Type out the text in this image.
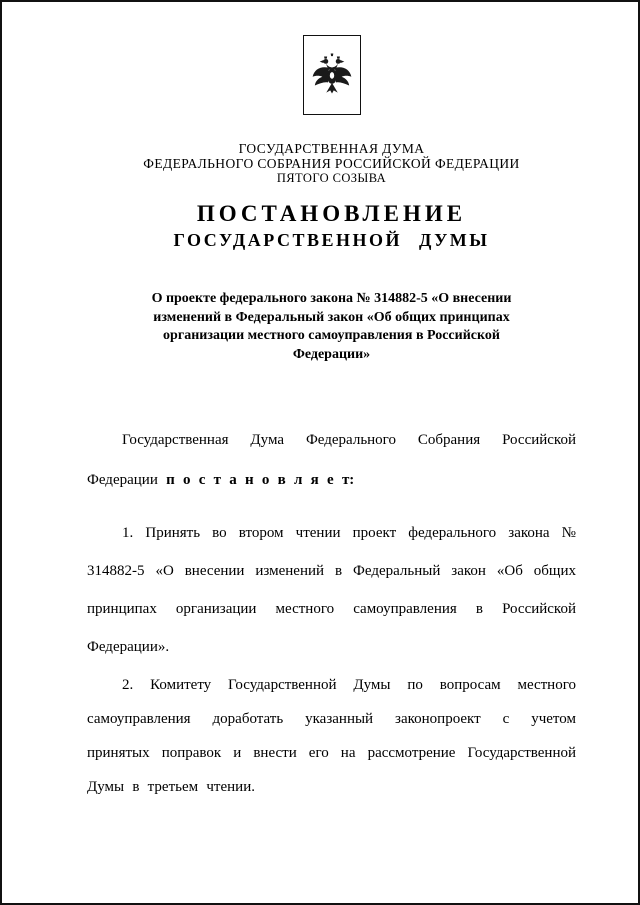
ГОСУДАРСТВЕННАЯ ДУМА
ФЕДЕРАЛЬНОГО СОБРАНИЯ РОССИЙСКОЙ ФЕДЕРАЦИИ
ПЯТОГО СОЗЫВА
ПОСТАНОВЛЕНИЕ
ГОСУДАРСТВЕННОЙ ДУМЫ
О проекте федерального закона № 314882-5 «О внесении изменений в Федеральный закон «Об общих принципах организации местного самоуправления в Российской Федерации»

Государственная Дума Федерального Собрания Российской Федерации п о с т а н о в л я е т:

1. Принять во втором чтении проект федерального закона № 314882-5 «О внесении изменений в Федеральный закон «Об общих принципах организации местного самоуправления в Российской Федерации».

2. Комитету Государственной Думы по вопросам местного самоуправления доработать указанный законопроект с учетом принятых поправок и внести его на рассмотрение Государственной Думы в третьем чтении.
